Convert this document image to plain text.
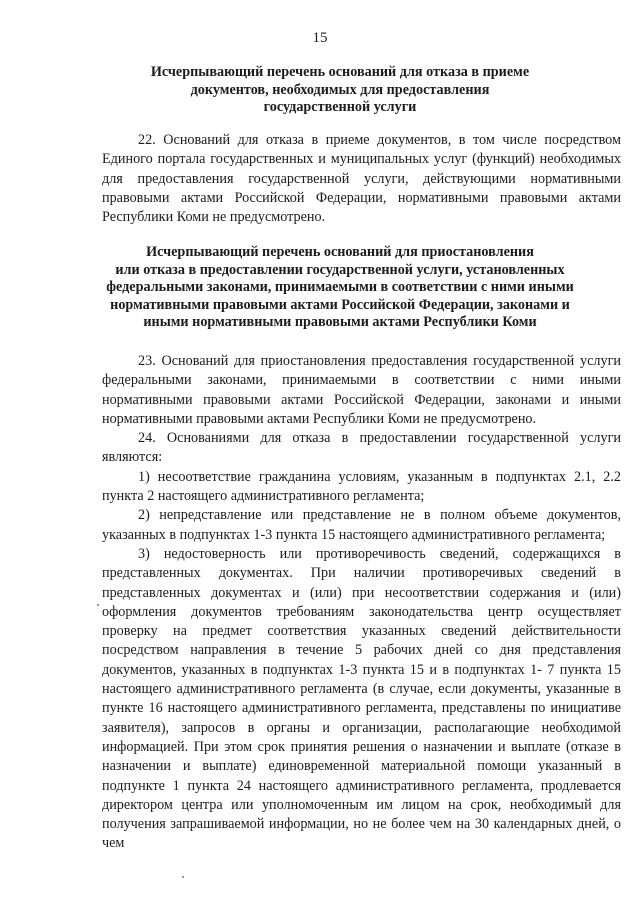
15
Исчерпывающий перечень оснований для отказа в приеме
документов, необходимых для предоставления
государственной услуги

22. Оснований для отказа в приеме документов, в том числе посредством Единого портала государственных и муниципальных услуг (функций) необходимых для предоставления государственной услуги, действующими нормативными правовыми актами Российской Федерации, нормативными правовыми актами Республики Коми не предусмотрено.

Исчерпывающий перечень оснований для приостановления
или отказа в предоставлении государственной услуги, установленных
федеральными законами, принимаемыми в соответствии с ними иными
нормативными правовыми актами Российской Федерации, законами и
иными нормативными правовыми актами Республики Коми

23. Оснований для приостановления предоставления государственной услуги федеральными законами, принимаемыми в соответствии с ними иными нормативными правовыми актами Российской Федерации, законами и иными нормативными правовыми актами Республики Коми не предусмотрено.

24. Основаниями для отказа в предоставлении государственной услуги являются:

1) несоответствие гражданина условиям, указанным в подпунктах 2.1, 2.2 пункта 2 настоящего административного регламента;

2) непредставление или представление не в полном объеме документов, указанных в подпунктах 1-3 пункта 15 настоящего административного регламента;

3) недостоверность или противоречивость сведений, содержащихся в представленных документах. При наличии противоречивых сведений в представленных документах и (или) при несоответствии содержания и (или) оформления документов требованиям законодательства центр осуществляет проверку на предмет соответствия указанных сведений действительности посредством направления в течение 5 рабочих дней со дня представления документов, указанных в подпунктах 1-3 пункта 15 и в подпунктах 1- 7 пункта 15 настоящего административного регламента (в случае, если документы, указанные в пункте 16 настоящего административного регламента, представлены по инициативе заявителя), запросов в органы и организации, располагающие необходимой информацией. При этом срок принятия решения о назначении и выплате (отказе в назначении и выплате) единовременной материальной помощи указанный в подпункте 1 пункта 24 настоящего административного регламента, продлевается директором центра или уполномоченным им лицом на срок, необходимый для получения запрашиваемой информации, но не более чем на 30 календарных дней, о чем
